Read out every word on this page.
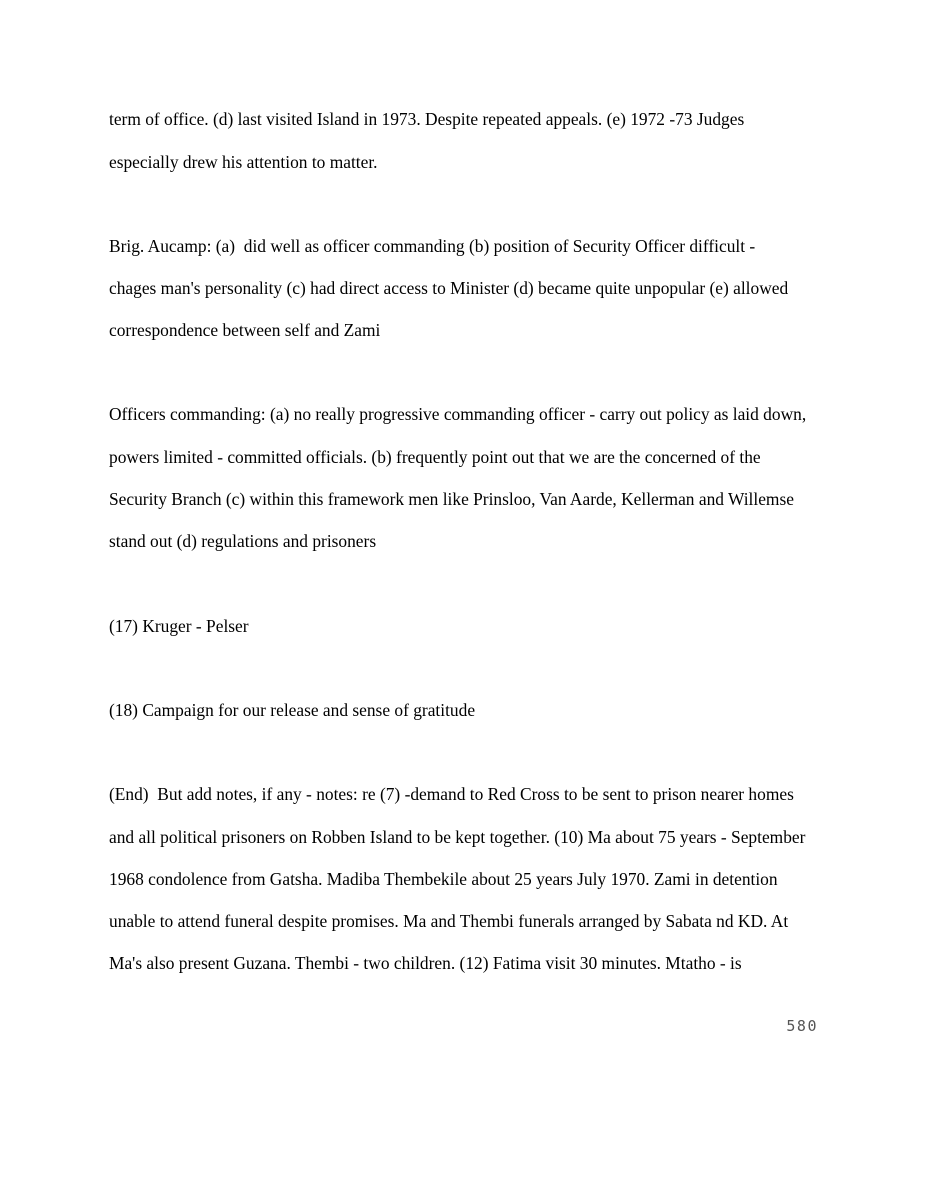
term of office. (d) last visited Island in 1973. Despite repeated appeals. (e) 1972 -73 Judges
especially drew his attention to matter.
Brig. Aucamp: (a)  did well as officer commanding (b) position of Security Officer difficult -
chages man's personality (c) had direct access to Minister (d) became quite unpopular (e) allowed
correspondence between self and Zami
Officers commanding: (a) no really progressive commanding officer - carry out policy as laid down,
powers limited - committed officials. (b) frequently point out that we are the concerned of the
Security Branch (c) within this framework men like Prinsloo, Van Aarde, Kellerman and Willemse
stand out (d) regulations and prisoners
(17) Kruger - Pelser
(18) Campaign for our release and sense of gratitude
(End)  But add notes, if any - notes: re (7) -demand to Red Cross to be sent to prison nearer homes
and all political prisoners on Robben Island to be kept together. (10) Ma about 75 years - September
1968 condolence from Gatsha. Madiba Thembekile about 25 years July 1970. Zami in detention
unable to attend funeral despite promises. Ma and Thembi funerals arranged by Sabata nd KD. At
Ma's also present Guzana. Thembi - two children. (12) Fatima visit 30 minutes. Mtatho - is
580
